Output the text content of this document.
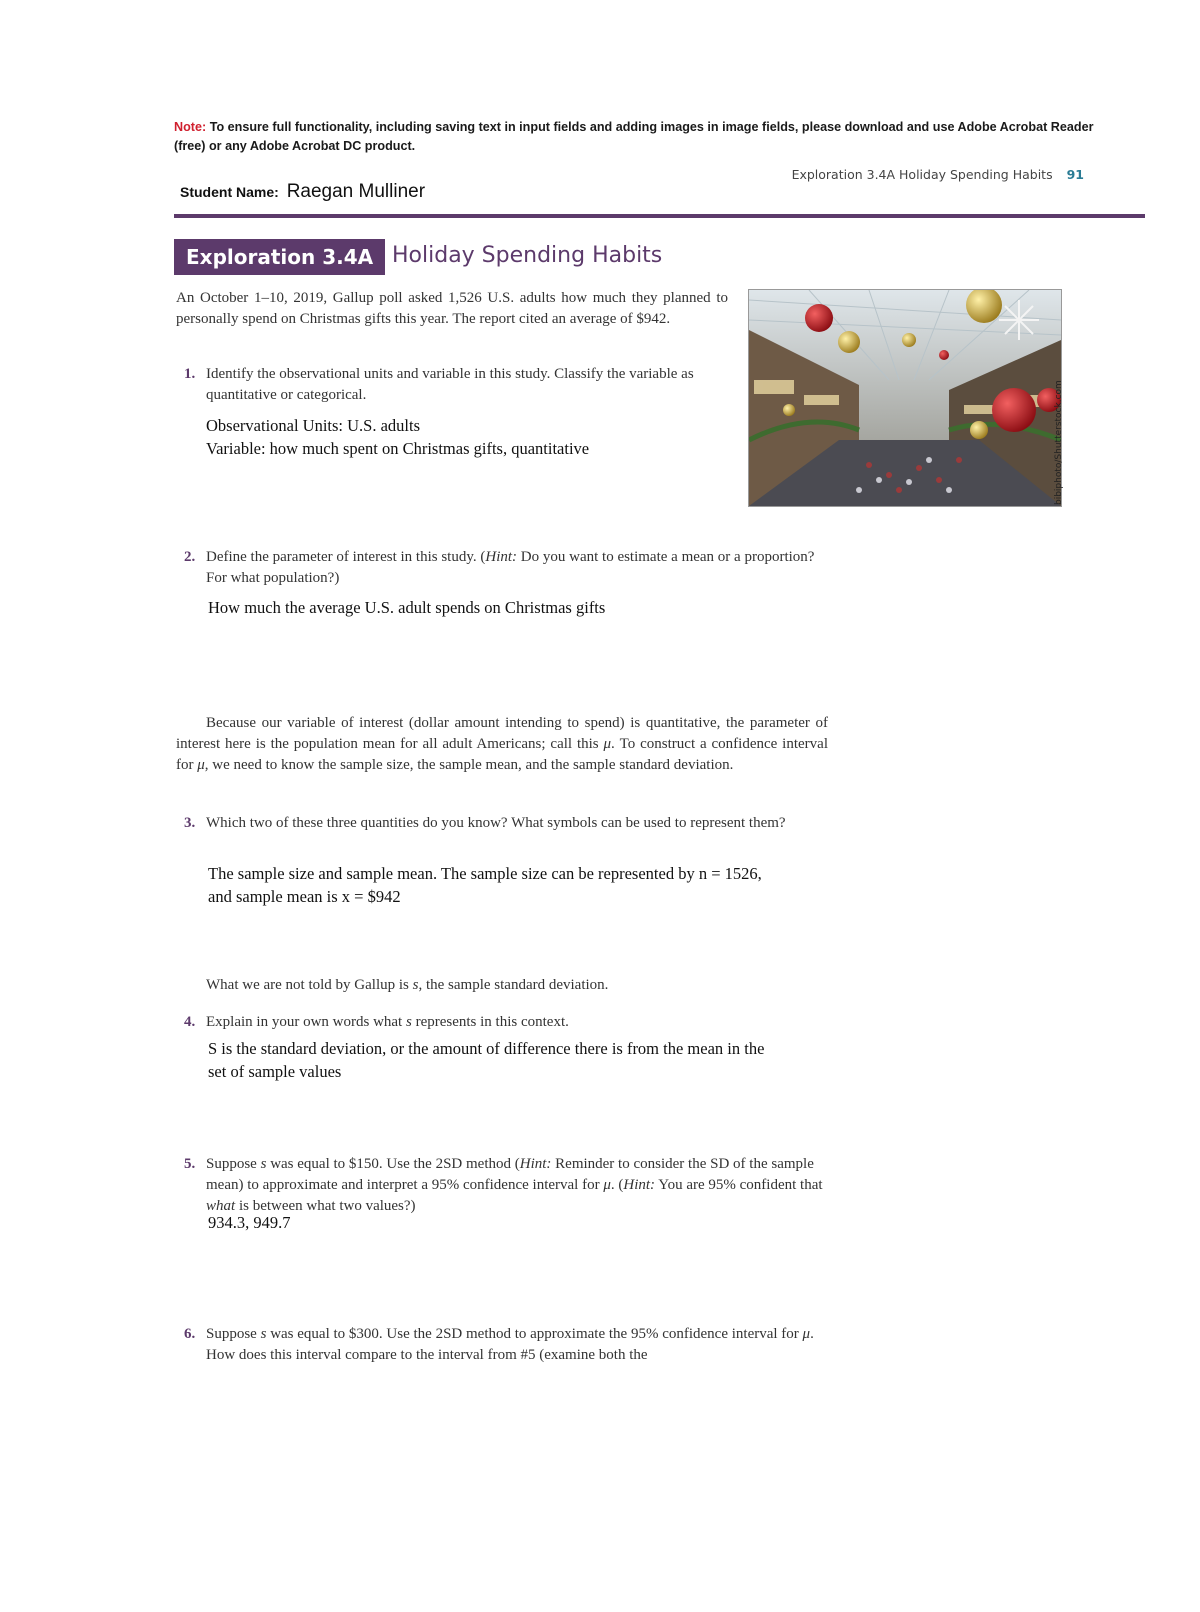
Note: To ensure full functionality, including saving text in input fields and adding images in image fields, please download and use Adobe Acrobat Reader (free) or any Adobe Acrobat DC product.
Exploration 3.4A Holiday Spending Habits 91
Student Name: Raegan Mulliner
Exploration 3.4A Holiday Spending Habits
An October 1–10, 2019, Gallup poll asked 1,526 U.S. adults how much they planned to personally spend on Christmas gifts this year. The report cited an average of $942.
bibiphoto/Shutterstock.com
1. Identify the observational units and variable in this study. Classify the variable as quantitative or categorical.
Observational Units: U.S. adults
Variable: how much spent on Christmas gifts, quantitative
2. Define the parameter of interest in this study. (Hint: Do you want to estimate a mean or a proportion? For what population?)
How much the average U.S. adult spends on Christmas gifts
Because our variable of interest (dollar amount intending to spend) is quantitative, the parameter of interest here is the population mean for all adult Americans; call this μ. To construct a confidence interval for μ, we need to know the sample size, the sample mean, and the sample standard deviation.
3. Which two of these three quantities do you know? What symbols can be used to represent them?
The sample size and sample mean. The sample size can be represented by n = 1526,
and sample mean is x = $942
What we are not told by Gallup is s, the sample standard deviation.
4. Explain in your own words what s represents in this context.
S is the standard deviation, or the amount of difference there is from the mean in the
set of sample values
5. Suppose s was equal to $150. Use the 2SD method (Hint: Reminder to consider the SD of the sample mean) to approximate and interpret a 95% confidence interval for μ. (Hint: You are 95% confident that what is between what two values?)
934.3, 949.7
6. Suppose s was equal to $300. Use the 2SD method to approximate the 95% confidence interval for μ. How does this interval compare to the interval from #5 (examine both the
